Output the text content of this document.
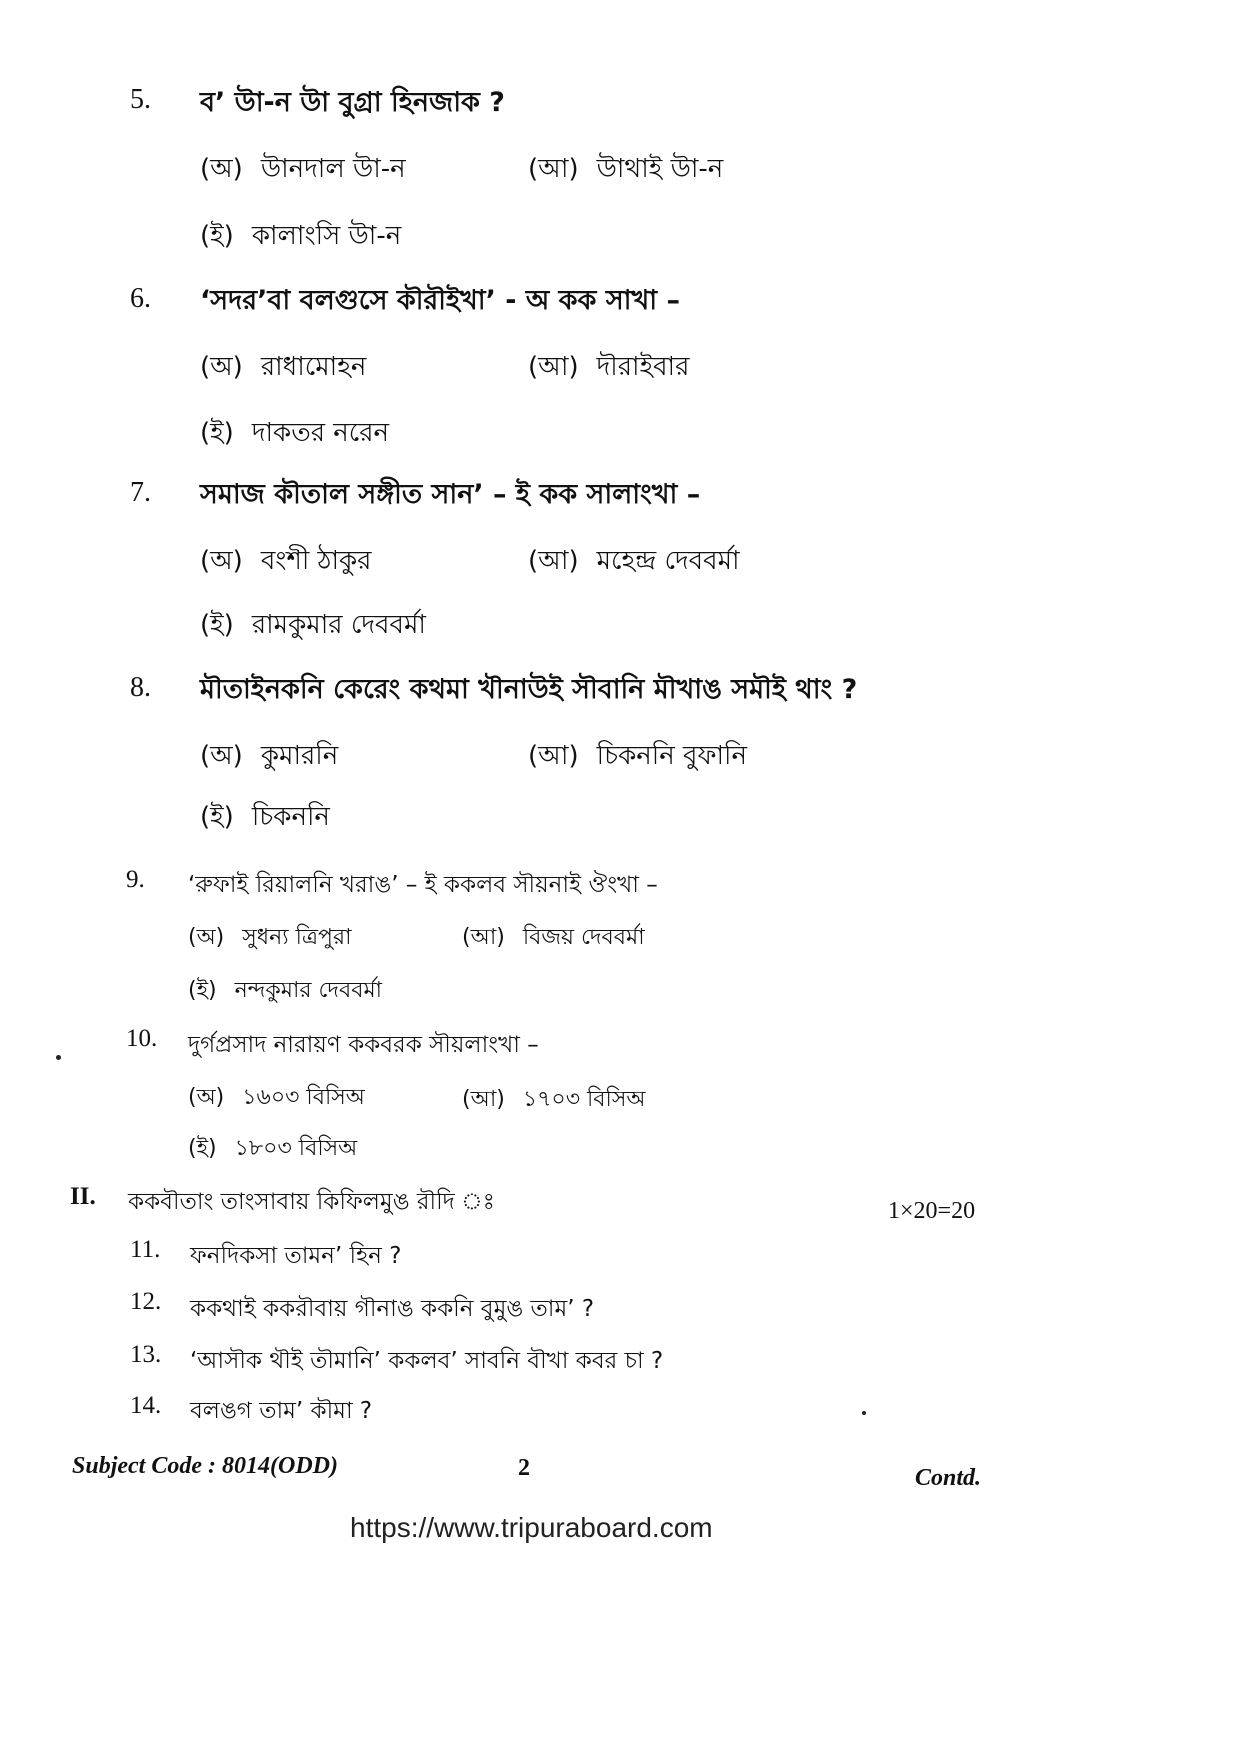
5. ব’ উা-ন উা বুগ্রা হিনজাক ?
(অ) উানদাল উা-ন	(আ) উাথাই উা-ন
(ই) কালাংসি উা-ন
6. ‘সদর’বা বলগুসে কৗরৗইখা’ - অ কক সাখা –
(অ) রাধামোহন	(আ) দৗরাইবার
(ই) দাকতর নরেন
7. সমাজ কৗতাল সঙ্গীত সান’ – ই কক সালাংখা –
(অ) বংশী ঠাকুর	(আ) মহেন্দ্র দেববর্মা
(ই) রামকুমার দেববর্মা
8. মৗতাইনকনি কেরেং কথমা খৗনাউই সৗবানি মৗখাঙ সমৗই থাং ?
(অ) কুমারনি	(আ) চিকননি বুফানি
(ই) চিকননি
9. ‘রুফাই রিয়ালনি খরাঙ’ – ই ককলব সৗয়নাই ঔংখা –
(অ) সুধন্য ত্রিপুরা	(আ) বিজয় দেববর্মা
(ই) নন্দকুমার দেববর্মা
10. দুর্গপ্রসাদ নারায়ণ ককবরক সৗয়লাংখা –
(অ) ১৬০৩ বিসিঅ	(আ) ১৭০৩ বিসিঅ
(ই) ১৮০৩ বিসিঅ
II. ককবৗতাং তাংসাবায় কিফিলমুঙ রৗদি ঃ	1×20=20
11. ফনদিকসা তামন’ হিন ?
12. ককথাই ককরৗবায় গৗনাঙ ককনি বুমুঙ তাম’ ?
13. ‘আসৗক থৗই তৗমানি’ ককলব’ সাবনি বৗখা কবর চা ?
14. বলঙগ তাম’ কৗমা ?
Subject Code : 8014(ODD)	2	Contd.
https://www.tripuraboard.com
